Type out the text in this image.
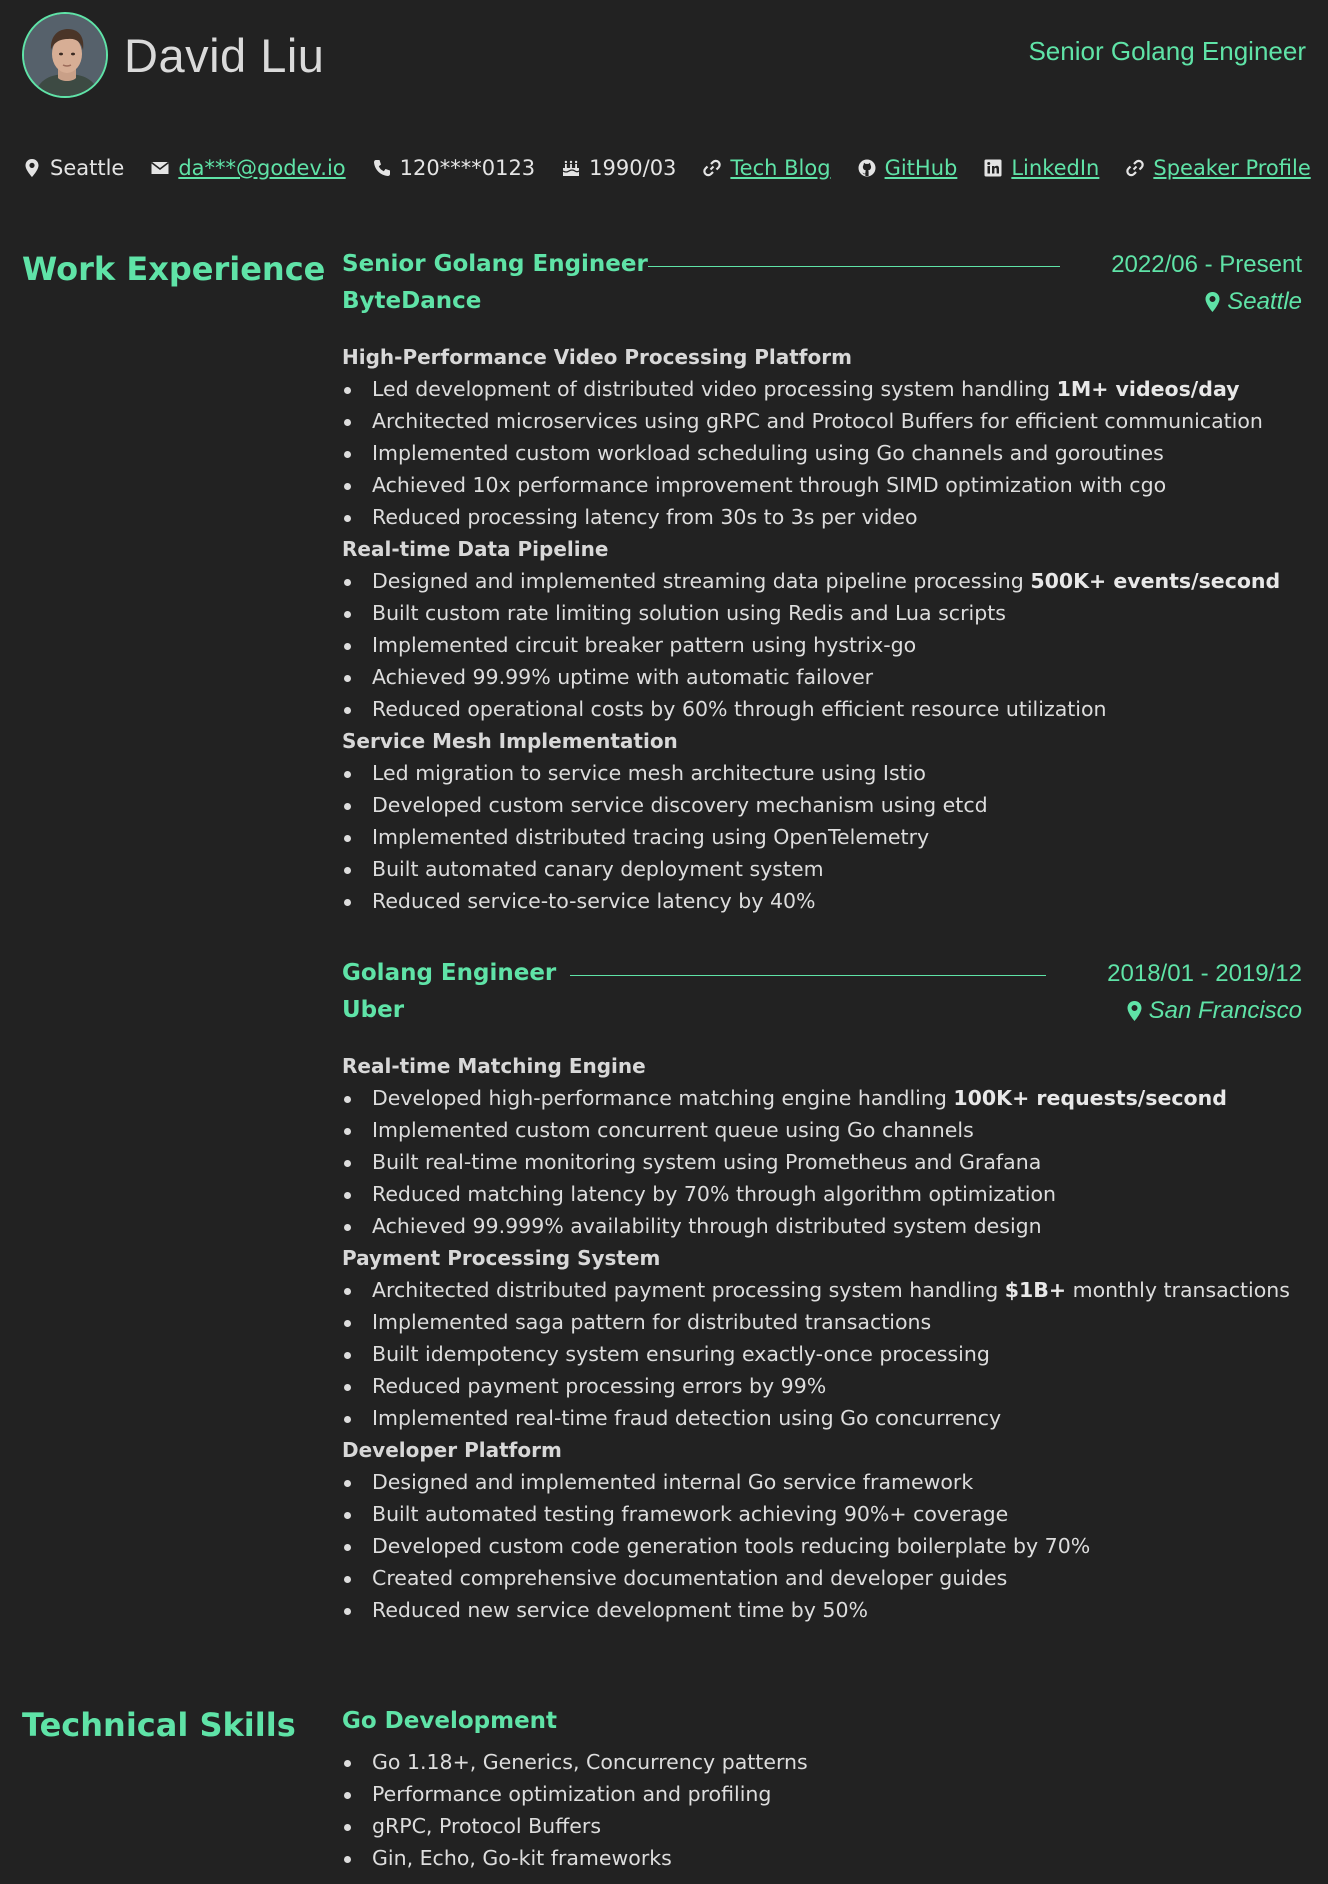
David Liu	Senior Golang Engineer
Seattle	da***@godev.io	120****0123	1990/03	Tech Blog	GitHub	LinkedIn	Speaker Profile
Work Experience Senior Golang Engineer	2022/06 - Present
ByteDance	Seattle
High-Performance Video Processing Platform
Led development of distributed video processing system handling 1M+ videos/day
Architected microservices using gRPC and Protocol Buffers for efficient communication
Implemented custom workload scheduling using Go channels and goroutines
Achieved 10x performance improvement through SIMD optimization with cgo
Reduced processing latency from 30s to 3s per video
Real-time Data Pipeline
Designed and implemented streaming data pipeline processing 500K+ events/second
Built custom rate limiting solution using Redis and Lua scripts
Implemented circuit breaker pattern using hystrix-go
Achieved 99.99% uptime with automatic failover
Reduced operational costs by 60% through efficient resource utilization
Service Mesh Implementation
Led migration to service mesh architecture using Istio
Developed custom service discovery mechanism using etcd
Implemented distributed tracing using OpenTelemetry
Built automated canary deployment system
Reduced service-to-service latency by 40%
Golang Engineer	2018/01 - 2019/12
Uber	San Francisco
Real-time Matching Engine
Developed high-performance matching engine handling 100K+ requests/second
Implemented custom concurrent queue using Go channels
Built real-time monitoring system using Prometheus and Grafana
Reduced matching latency by 70% through algorithm optimization
Achieved 99.999% availability through distributed system design
Payment Processing System
Architected distributed payment processing system handling $1B+ monthly transactions
Implemented saga pattern for distributed transactions
Built idempotency system ensuring exactly-once processing
Reduced payment processing errors by 99%
Implemented real-time fraud detection using Go concurrency
Developer Platform
Designed and implemented internal Go service framework
Built automated testing framework achieving 90%+ coverage
Developed custom code generation tools reducing boilerplate by 70%
Created comprehensive documentation and developer guides
Reduced new service development time by 50%
Technical Skills Go Development
Go 1.18+, Generics, Concurrency patterns
Performance optimization and profiling
gRPC, Protocol Buffers
Gin, Echo, Go-kit frameworks
